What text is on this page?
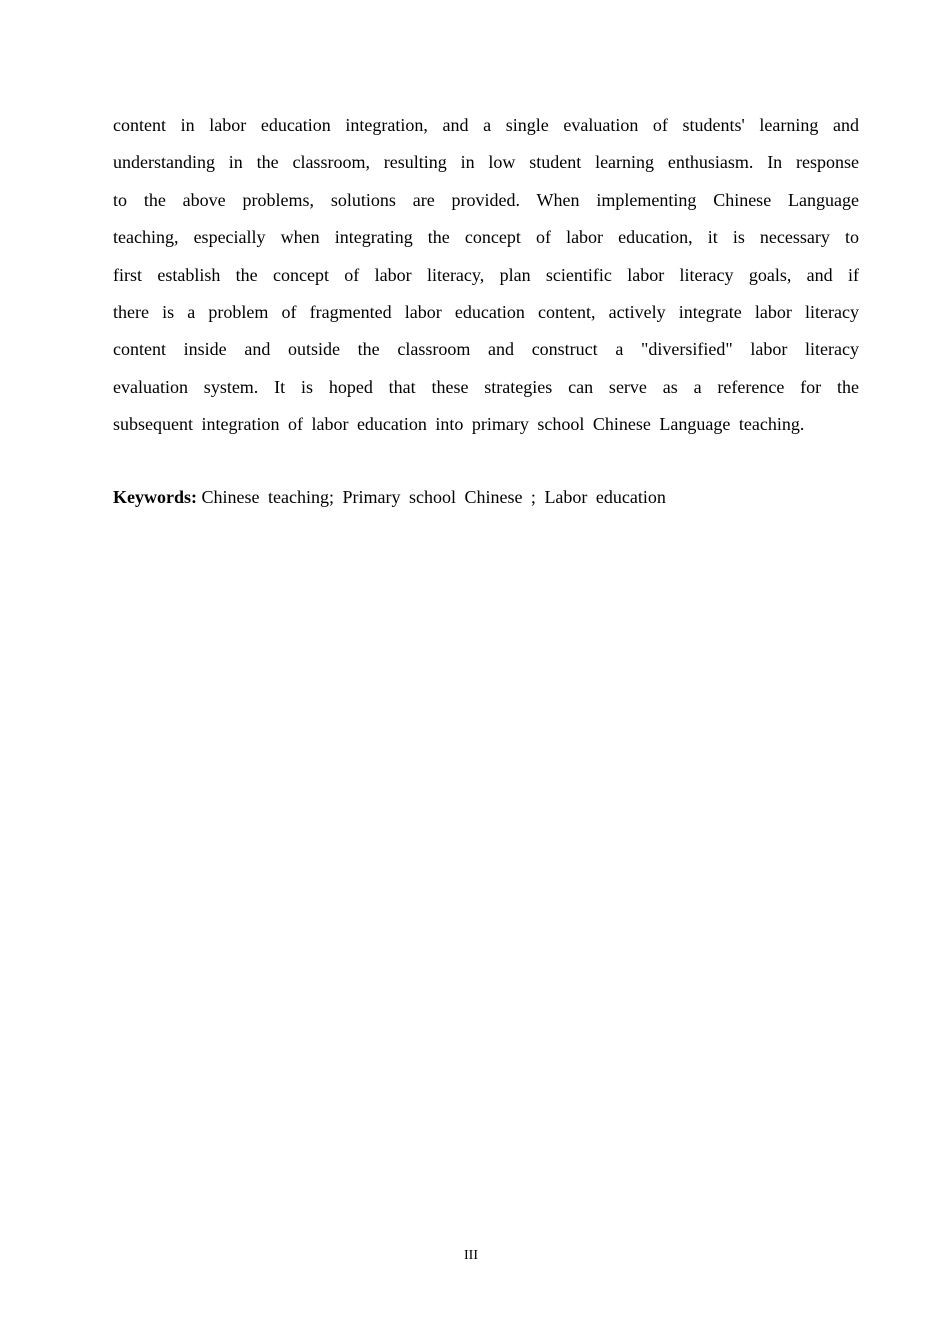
content in labor education integration, and a single evaluation of students' learning and
understanding in the classroom, resulting in low student learning enthusiasm. In response
to the above problems, solutions are provided. When implementing Chinese Language
teaching, especially when integrating the concept of labor education, it is necessary to
first establish the concept of labor literacy, plan scientific labor literacy goals, and if
there is a problem of fragmented labor education content, actively integrate labor literacy
content inside and outside the classroom and construct a "diversified" labor literacy
evaluation system. It is hoped that these strategies can serve as a reference for the
subsequent integration of labor education into primary school Chinese Language teaching.

Keywords: Chinese teaching; Primary school Chinese ; Labor education

III
